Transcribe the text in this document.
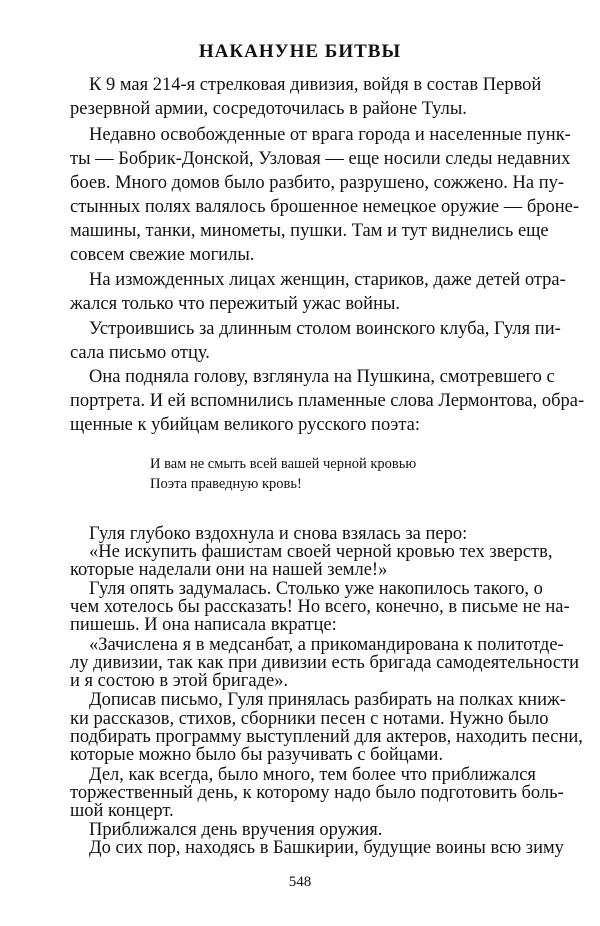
НАКАНУНЕ БИТВЫ
К 9 мая 214-я стрелковая дивизия, войдя в состав Первой
резервной армии, сосредоточилась в районе Тулы.
Недавно освобожденные от врага города и населенные пунк-
ты — Бобрик-Донской, Узловая — еще носили следы недавних
боев. Много домов было разбито, разрушено, сожжено. На пу-
стынных полях валялось брошенное немецкое оружие — броне-
машины, танки, минометы, пушки. Там и тут виднелись еще
совсем свежие могилы.
На изможденных лицах женщин, стариков, даже детей отра-
жался только что пережитый ужас войны.
Устроившись за длинным столом воинского клуба, Гуля пи-
сала письмо отцу.
Она подняла голову, взглянула на Пушкина, смотревшего с
портрета. И ей вспомнились пламенные слова Лермонтова, обра-
щенные к убийцам великого русского поэта:
И вам не смыть всей вашей черной кровью
Поэта праведную кровь!
Гуля глубоко вздохнула и снова взялась за перо:
«Не искупить фашистам своей черной кровью тех зверств,
которые наделали они на нашей земле!»
Гуля опять задумалась. Столько уже накопилось такого, о
чем хотелось бы рассказать! Но всего, конечно, в письме не на-
пишешь. И она написала вкратце:
«Зачислена я в медсанбат, а прикомандирована к политотде-
лу дивизии, так как при дивизии есть бригада самодеятельности
и я состою в этой бригаде».
Дописав письмо, Гуля принялась разбирать на полках книж-
ки рассказов, стихов, сборники песен с нотами. Нужно было
подбирать программу выступлений для актеров, находить песни,
которые можно было бы разучивать с бойцами.
Дел, как всегда, было много, тем более что приближался
торжественный день, к которому надо было подготовить боль-
шой концерт.
Приближался день вручения оружия.
До сих пор, находясь в Башкирии, будущие воины всю зиму
548
